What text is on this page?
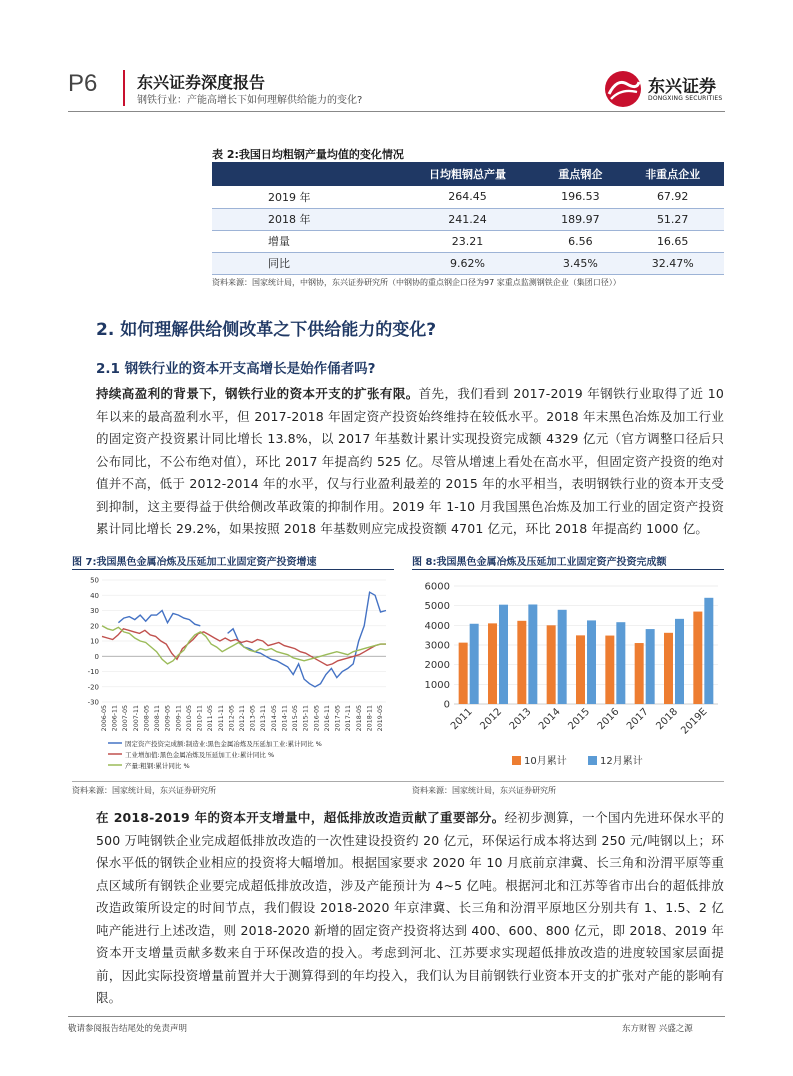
P6 东兴证券深度报告
钢铁行业：产能高增长下如何理解供给能力的变化?
东兴证券
DONGXING SECURITIES
表 2:我国日均粗钢产量均值的变化情况
	日均粗钢总产量	重点钢企	非重点企业
2019 年	264.45	196.53	67.92
2018 年	241.24	189.97	51.27
增量	23.21	6.56	16.65
同比	9.62%	3.45%	32.47%
资料来源：国家统计局，中钢协，东兴证券研究所（中钢协的重点钢企口径为97 家重点监测钢铁企业（集团口径））
2. 如何理解供给侧改革之下供给能力的变化?
2.1 钢铁行业的资本开支高增长是始作俑者吗?
持续高盈利的背景下，钢铁行业的资本开支的扩张有限。首先，我们看到 2017-2019 年钢铁行业取得了近 10 年以来的最高盈利水平，但 2017-2018 年固定资产投资始终维持在较低水平。2018 年末黑色冶炼及加工行业的固定资产投资累计同比增长 13.8%，以 2017 年基数计累计实现投资完成额 4329 亿元（官方调整口径后只公布同比，不公布绝对值），环比 2017 年提高约 525 亿。尽管从增速上看处在高水平，但固定资产投资的绝对值并不高，低于 2012-2014 年的水平，仅与行业盈利最差的 2015 年的水平相当，表明钢铁行业的资本开支受到抑制，这主要得益于供给侧改革政策的抑制作用。2019 年 1-10 月我国黑色冶炼及加工行业的固定资产投资累计同比增长 29.2%，如果按照 2018 年基数则应完成投资额 4701 亿元，环比 2018 年提高约 1000 亿。
图 7:我国黑色金属冶炼及压延加工业固定资产投资增速
-30
-20
-10
0
10
20
30
40
50
2006-05 2006-11 2007-05 2007-11 2008-05 2008-11 2009-05 2009-11 2010-05 2010-11 2011-05 2011-11 2012-05 2012-11 2013-05 2013-11 2014-05 2014-11 2015-05 2015-11 2016-05 2016-11 2017-05 2017-11 2018-05 2018-11 2019-05
固定资产投资完成额:制造业:黑色金属冶炼及压延加工业:累计同比 %
工业增加值:黑色金属冶炼及压延加工业:累计同比 %
产量:粗钢:累计同比 %
图 8:我国黑色金属冶炼及压延加工业固定资产投资完成额
0
1000
2000
3000
4000
5000
6000
2011 2012 2013 2014 2015 2016 2017 2018 2019E
10月累计	12月累计
资料来源：国家统计局，东兴证券研究所	资料来源：国家统计局，东兴证券研究所
在 2018-2019 年的资本开支增量中，超低排放改造贡献了重要部分。经初步测算，一个国内先进环保水平的 500 万吨钢铁企业完成超低排放改造的一次性建设投资约 20 亿元，环保运行成本将达到 250 元/吨钢以上；环保水平低的钢铁企业相应的投资将大幅增加。根据国家要求 2020 年 10 月底前京津冀、长三角和汾渭平原等重点区域所有钢铁企业要完成超低排放改造，涉及产能预计为 4~5 亿吨。根据河北和江苏等省市出台的超低排放改造政策所设定的时间节点，我们假设 2018-2020 年京津冀、长三角和汾渭平原地区分别共有 1、1.5、2 亿吨产能进行上述改造，则 2018-2020 新增的固定资产投资将达到 400、600、800 亿元，即 2018、2019 年资本开支增量贡献多数来自于环保改造的投入。考虑到河北、江苏要求实现超低排放改造的进度较国家层面提前，因此实际投资增量前置并大于测算得到的年均投入，我们认为目前钢铁行业资本开支的扩张对产能的影响有限。
敬请参阅报告结尾处的免责声明	东方财智 兴盛之源
